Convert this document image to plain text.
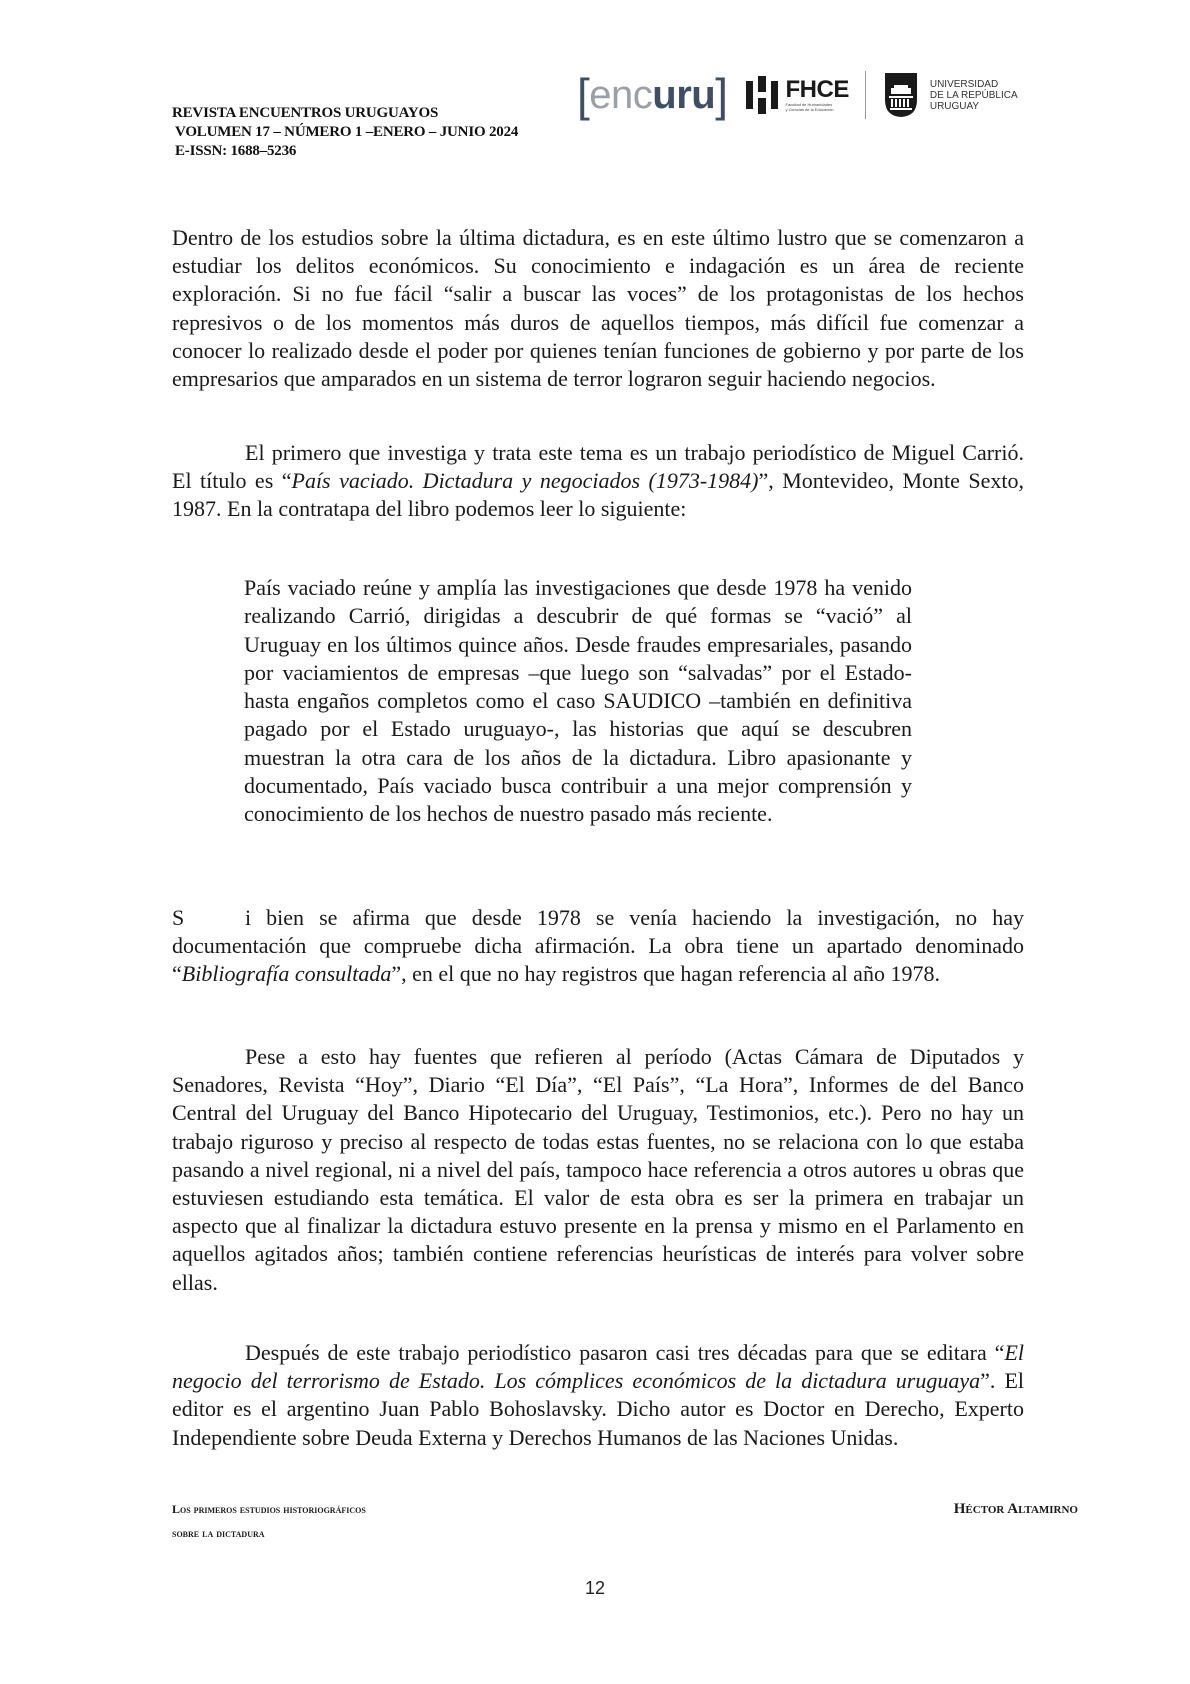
REVISTA ENCUENTROS URUGUAYOS
VOLUMEN 17 – NÚMERO 1 –ENERO – JUNIO 2024
E-ISSN: 1688–5236
[ enc uru ] FHCE
Facultad de Humanidades
y Ciencias de la Educación
UNIVERSIDAD
DE LA REPÚBLICA
URUGUAY

Dentro de los estudios sobre la última dictadura, es en este último lustro que se comenzaron a estudiar los delitos económicos. Su conocimiento e indagación es un área de reciente exploración. Si no fue fácil “salir a buscar las voces” de los protagonistas de los hechos represivos o de los momentos más duros de aquellos tiempos, más difícil fue comenzar a conocer lo realizado desde el poder por quienes tenían funciones de gobierno y por parte de los empresarios que amparados en un sistema de terror lograron seguir haciendo negocios.

El primero que investiga y trata este tema es un trabajo periodístico de Miguel Carrió. El título es “País vaciado. Dictadura y negociados (1973-1984)”, Montevideo, Monte Sexto, 1987. En la contratapa del libro podemos leer lo siguiente:

País vaciado reúne y amplía las investigaciones que desde 1978 ha venido realizando Carrió, dirigidas a descubrir de qué formas se “vació” al Uruguay en los últimos quince años. Desde fraudes empresariales, pasando por vaciamientos de empresas –que luego son “salvadas” por el Estado- hasta engaños completos como el caso SAUDICO –también en definitiva pagado por el Estado uruguayo-, las historias que aquí se descubren muestran la otra cara de los años de la dictadura. Libro apasionante y documentado, País vaciado busca contribuir a una mejor comprensión y conocimiento de los hechos de nuestro pasado más reciente.

S	i bien se afirma que desde 1978 se venía haciendo la investigación, no hay documentación que compruebe dicha afirmación. La obra tiene un apartado denominado “Bibliografía consultada”, en el que no hay registros que hagan referencia al año 1978.

Pese a esto hay fuentes que refieren al período (Actas Cámara de Diputados y Senadores, Revista “Hoy”, Diario “El Día”, “El País”, “La Hora”, Informes de del Banco Central del Uruguay del Banco Hipotecario del Uruguay, Testimonios, etc.). Pero no hay un trabajo riguroso y preciso al respecto de todas estas fuentes, no se relaciona con lo que estaba pasando a nivel regional, ni a nivel del país, tampoco hace referencia a otros autores u obras que estuviesen estudiando esta temática. El valor de esta obra es ser la primera en trabajar un aspecto que al finalizar la dictadura estuvo presente en la prensa y mismo en el Parlamento en aquellos agitados años; también contiene referencias heurísticas de interés para volver sobre ellas.

Después de este trabajo periodístico pasaron casi tres décadas para que se editara “El negocio del terrorismo de Estado. Los cómplices económicos de la dictadura uruguaya”. El editor es el argentino Juan Pablo Bohoslavsky. Dicho autor es Doctor en Derecho, Experto Independiente sobre Deuda Externa y Derechos Humanos de las Naciones Unidas.

Los primeros estudios historiográficos
sobre la dictadura
Héctor Altamirno
12
